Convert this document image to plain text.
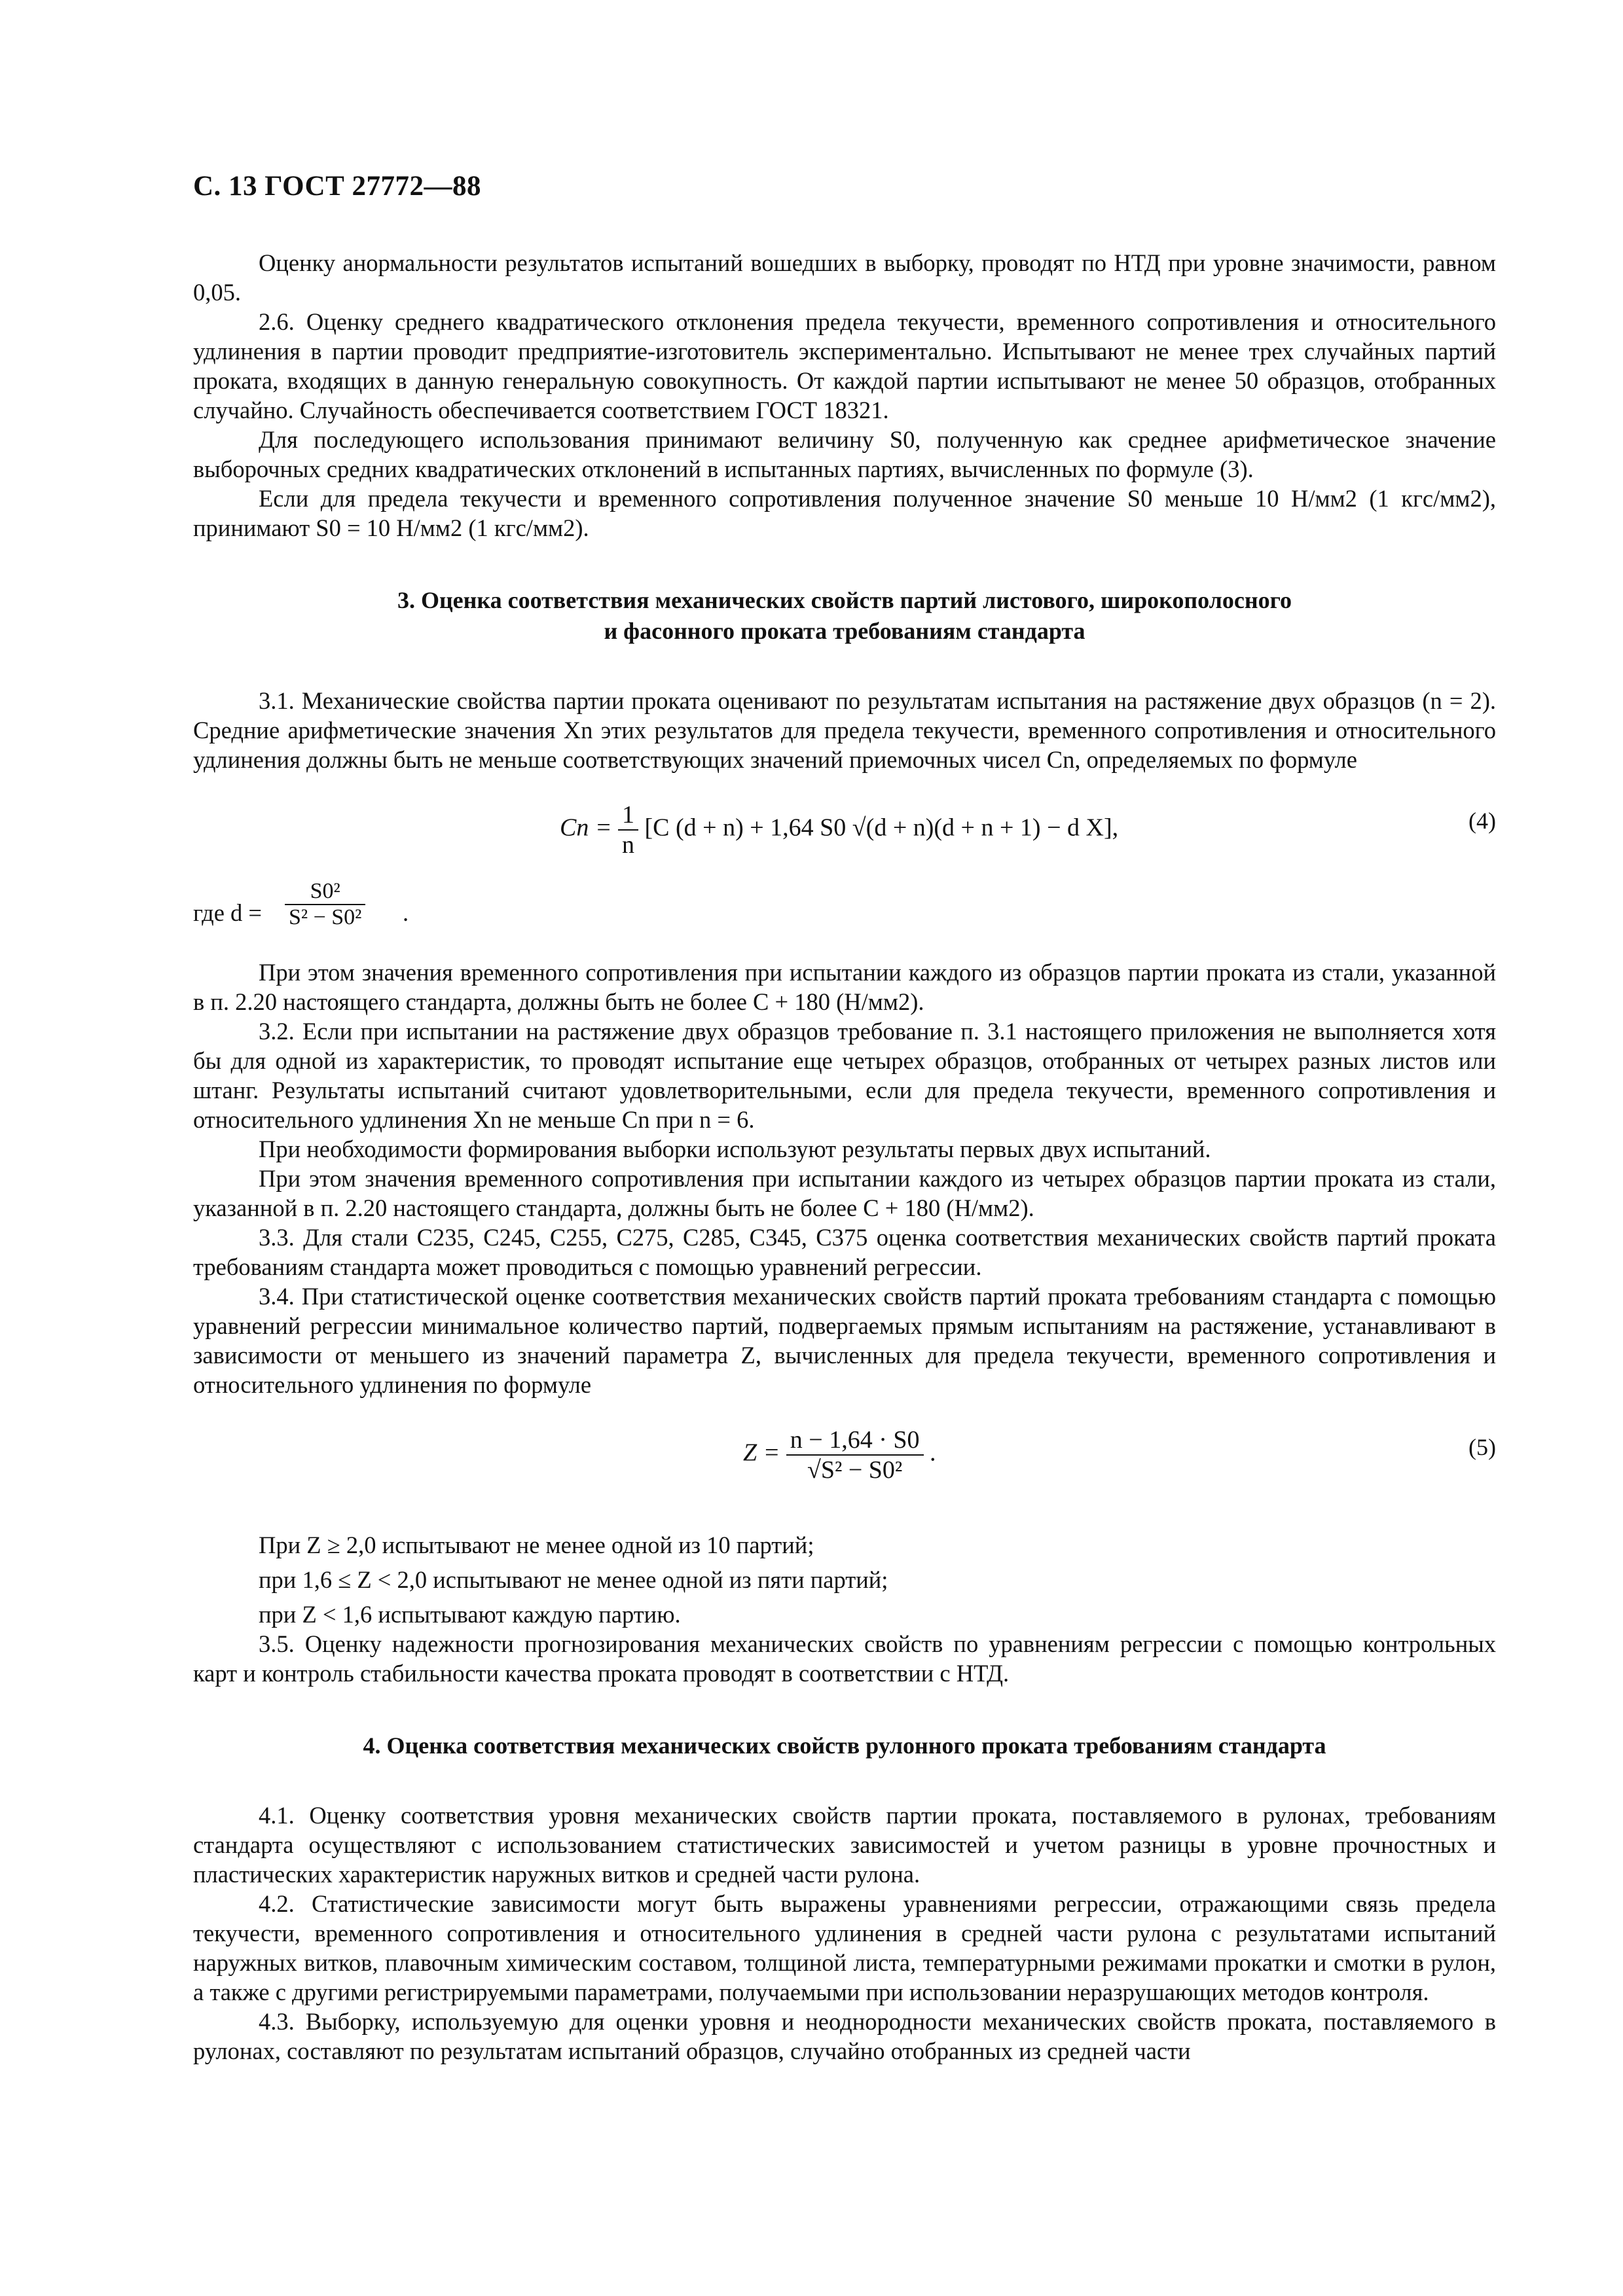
С. 13 ГОСТ 27772—88

Оценку анормальности результатов испытаний вошедших в выборку, проводят по НТД при уровне значимости, равном 0,05.

2.6. Оценку среднего квадратического отклонения предела текучести, временного сопротивления и относительного удлинения в партии проводит предприятие-изготовитель экспериментально. Испытывают не менее трех случайных партий проката, входящих в данную генеральную совокупность. От каждой партии испытывают не менее 50 образцов, отобранных случайно. Случайность обеспечивается соответствием ГОСТ 18321.

Для последующего использования принимают величину S0, полученную как среднее арифметическое значение выборочных средних квадратических отклонений в испытанных партиях, вычисленных по формуле (3).

Если для предела текучести и временного сопротивления полученное значение S0 меньше 10 Н/мм2 (1 кгс/мм2), принимают S0 = 10 Н/мм2 (1 кгс/мм2).

3. Оценка соответствия механических свойств партий листового, широкополосного
и фасонного проката требованиям стандарта

3.1. Механические свойства партии проката оценивают по результатам испытания на растяжение двух образцов (n = 2). Средние арифметические значения Xn этих результатов для предела текучести, временного сопротивления и относительного удлинения должны быть не меньше соответствующих значений приемочных чисел Cn, определяемых по формуле

$Cn = \frac{1}{n} [C$ (d + n) + 1,64 S0 √(d + n)(d + n + 1) − d X],	(4)
где $d = \frac{\text{S0²}}{\text{S² − S0²}}$ .

При этом значения временного сопротивления при испытании каждого из образцов партии проката из стали, указанной в п. 2.20 настоящего стандарта, должны быть не более C + 180 (Н/мм2).

3.2. Если при испытании на растяжение двух образцов требование п. 3.1 настоящего приложения не выполняется хотя бы для одной из характеристик, то проводят испытание еще четырех образцов, отобранных от четырех разных листов или штанг. Результаты испытаний считают удовлетворительными, если для предела текучести, временного сопротивления и относительного удлинения Xn не меньше Cn при n = 6.

При необходимости формирования выборки используют результаты первых двух испытаний.

При этом значения временного сопротивления при испытании каждого из четырех образцов партии проката из стали, указанной в п. 2.20 настоящего стандарта, должны быть не более C + 180 (Н/мм2).

3.3. Для стали С235, С245, С255, С275, С285, С345, С375 оценка соответствия механических свойств партий проката требованиям стандарта может проводиться с помощью уравнений регрессии.

3.4. При статистической оценке соответствия механических свойств партий проката требованиям стандарта с помощью уравнений регрессии минимальное количество партий, подвергаемых прямым испытаниям на растяжение, устанавливают в зависимости от меньшего из значений параметра Z, вычисленных для предела текучести, временного сопротивления и относительного удлинения по формуле

$Z = \frac{n - 1,64 \cdot S0}{\text{√S² − S0²}}$ .	(5)

При Z ≥ 2,0 испытывают не менее одной из 10 партий;

при 1,6 ≤ Z < 2,0 испытывают не менее одной из пяти партий;

при Z < 1,6 испытывают каждую партию.

3.5. Оценку надежности прогнозирования механических свойств по уравнениям регрессии с помощью контрольных карт и контроль стабильности качества проката проводят в соответствии с НТД.

4. Оценка соответствия механических свойств рулонного проката требованиям стандарта

4.1. Оценку соответствия уровня механических свойств партии проката, поставляемого в рулонах, требованиям стандарта осуществляют с использованием статистических зависимостей и учетом разницы в уровне прочностных и пластических характеристик наружных витков и средней части рулона.

4.2. Статистические зависимости могут быть выражены уравнениями регрессии, отражающими связь предела текучести, временного сопротивления и относительного удлинения в средней части рулона с результатами испытаний наружных витков, плавочным химическим составом, толщиной листа, температурными режимами прокатки и смотки в рулон, а также с другими регистрируемыми параметрами, получаемыми при использовании неразрушающих методов контроля.

4.3. Выборку, используемую для оценки уровня и неоднородности механических свойств проката, поставляемого в рулонах, составляют по результатам испытаний образцов, случайно отобранных из средней части
